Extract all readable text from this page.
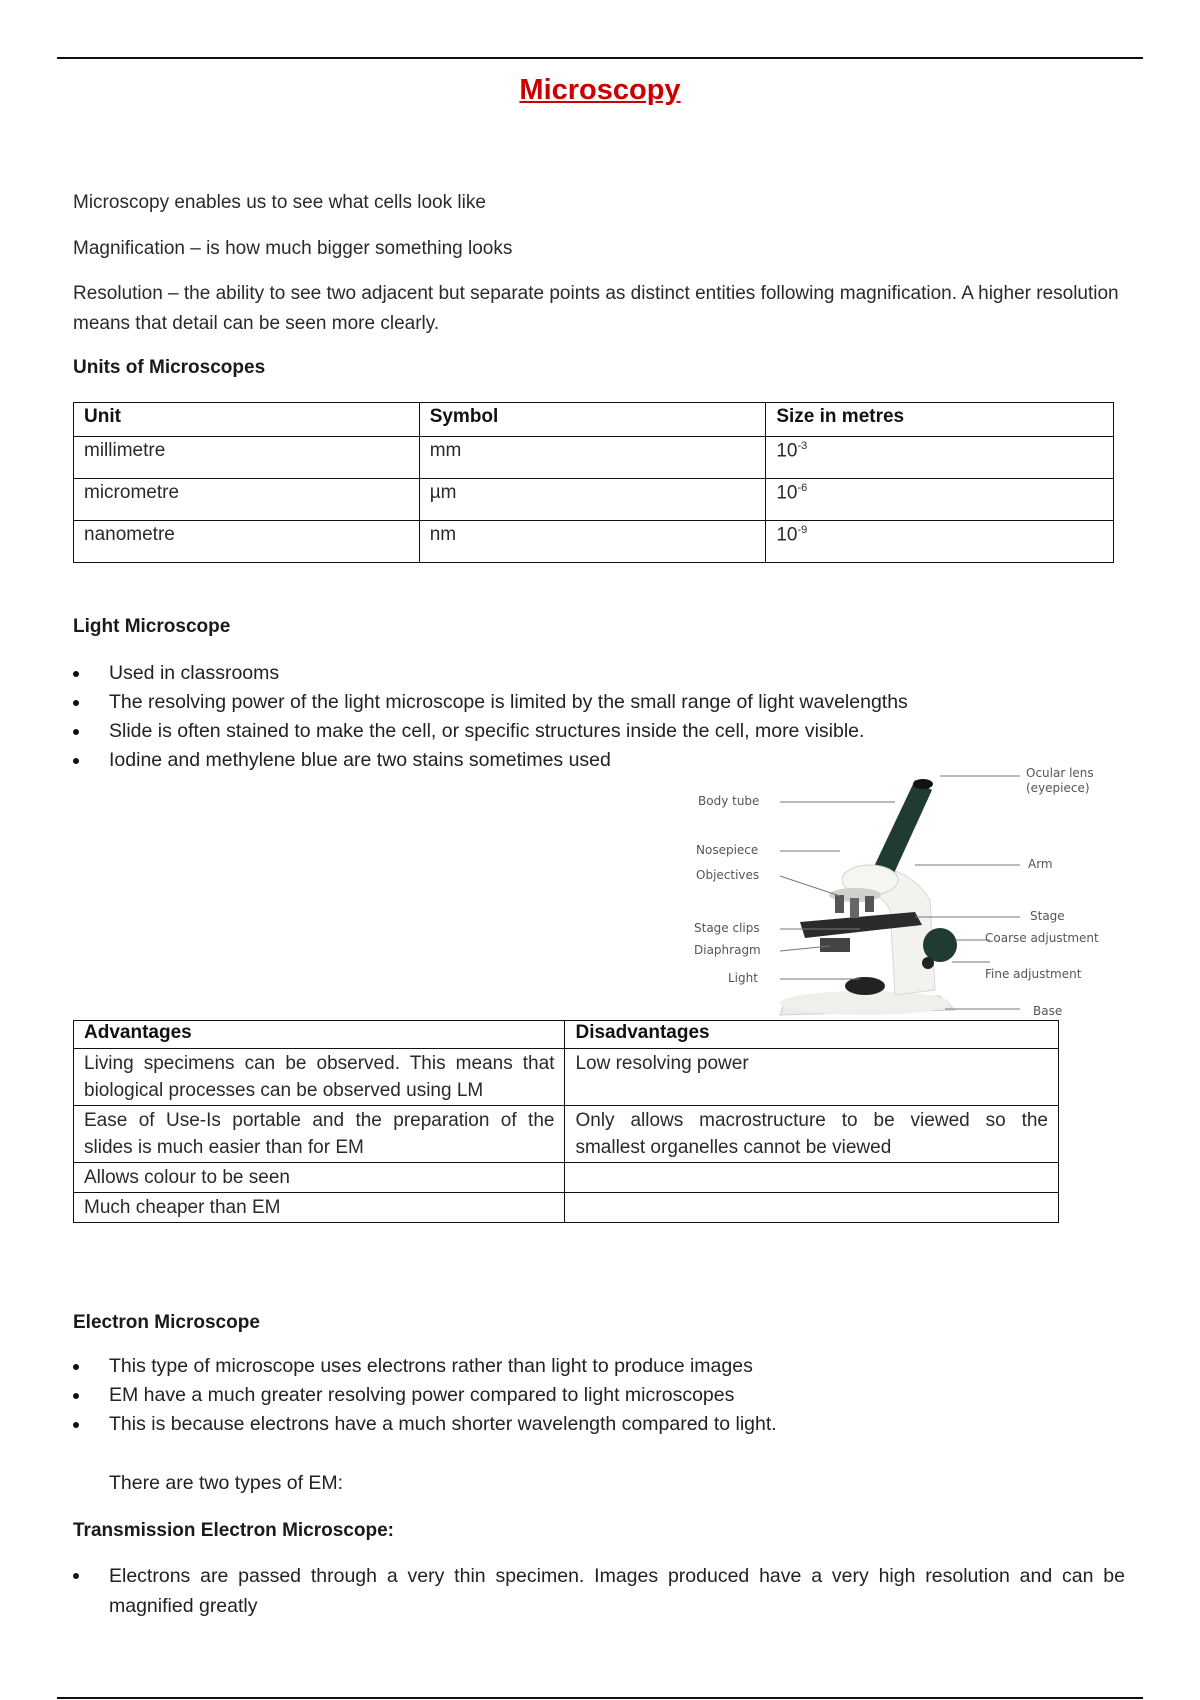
Microscopy
Microscopy enables us to see what cells look like
Magnification – is how much bigger something looks
Resolution – the ability to see two adjacent but separate points as distinct entities following magnification. A higher resolution means that detail can be seen more clearly.
Units of Microscopes
Unit	Symbol	Size in metres
millimetre	mm	$10^{-3}$
micrometre	µm	$10^{-6}$
nanometre	nm	$10^{-9}$
Light Microscope
Used in classrooms
The resolving power of the light microscope is limited by the small range of light wavelengths
Slide is often stained to make the cell, or specific structures inside the cell, more visible.
Iodine and methylene blue are two stains sometimes used
Body tube
Nosepiece
Objectives
Stage clips
Diaphragm
Light
Ocular lens
(eyepiece)
Arm
Stage
Coarse adjustment
Fine adjustment
Base
Advantages	Disadvantages
Living specimens can be observed. This means that biological processes can be observed using LM	Low resolving power
Ease of Use-Is portable and the preparation of the slides is much easier than for EM	Only allows macrostructure to be viewed so the smallest organelles cannot be viewed
Allows colour to be seen	
Much cheaper than EM	
Electron Microscope
This type of microscope uses electrons rather than light to produce images
EM have a much greater resolving power compared to light microscopes
This is because electrons have a much shorter wavelength compared to light.
There are two types of EM:
Transmission Electron Microscope:
Electrons are passed through a very thin specimen. Images produced have a very high resolution and can be magnified greatly
